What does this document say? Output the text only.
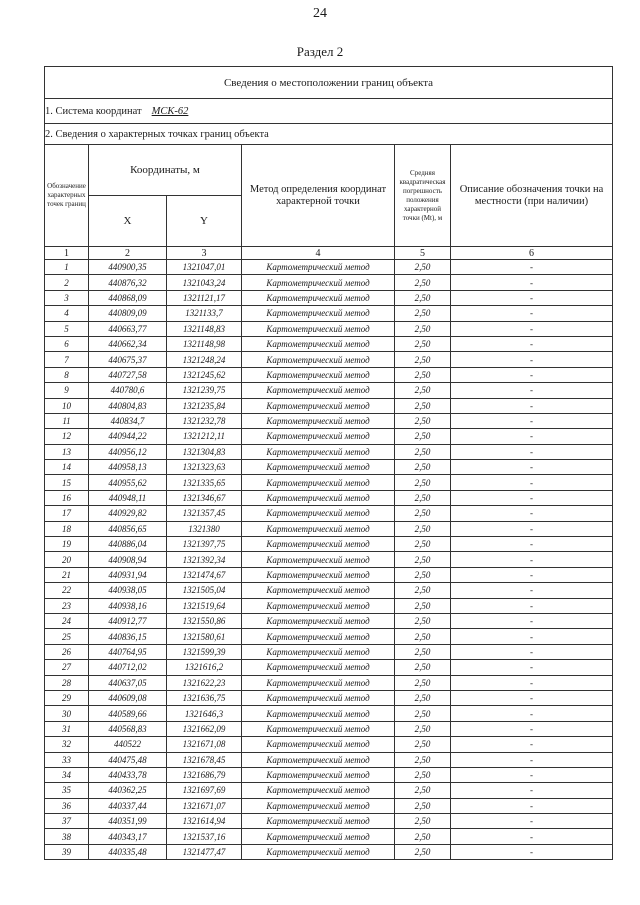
24
Раздел 2
Сведения о местоположении границ объекта					
1. Система координат МСК-62					
2. Сведения о характерных точках границ объекта					
Обозначение характерных точек границ	Координаты, м		Метод определения координат характерной точки	Средняя квадратическая погрешность положения характерной точки (Mt), м	Описание обозначения точки на местности (при наличии)
	X	Y			
1	2	3	4	5	6
1	440900,35	1321047,01	Картометрический метод	2,50	-
2	440876,32	1321043,24	Картометрический метод	2,50	-
3	440868,09	1321121,17	Картометрический метод	2,50	-
4	440809,09	1321133,7	Картометрический метод	2,50	-
5	440663,77	1321148,83	Картометрический метод	2,50	-
6	440662,34	1321148,98	Картометрический метод	2,50	-
7	440675,37	1321248,24	Картометрический метод	2,50	-
8	440727,58	1321245,62	Картометрический метод	2,50	-
9	440780,6	1321239,75	Картометрический метод	2,50	-
10	440804,83	1321235,84	Картометрический метод	2,50	-
11	440834,7	1321232,78	Картометрический метод	2,50	-
12	440944,22	1321212,11	Картометрический метод	2,50	-
13	440956,12	1321304,83	Картометрический метод	2,50	-
14	440958,13	1321323,63	Картометрический метод	2,50	-
15	440955,62	1321335,65	Картометрический метод	2,50	-
16	440948,11	1321346,67	Картометрический метод	2,50	-
17	440929,82	1321357,45	Картометрический метод	2,50	-
18	440856,65	1321380	Картометрический метод	2,50	-
19	440886,04	1321397,75	Картометрический метод	2,50	-
20	440908,94	1321392,34	Картометрический метод	2,50	-
21	440931,94	1321474,67	Картометрический метод	2,50	-
22	440938,05	1321505,04	Картометрический метод	2,50	-
23	440938,16	1321519,64	Картометрический метод	2,50	-
24	440912,77	1321550,86	Картометрический метод	2,50	-
25	440836,15	1321580,61	Картометрический метод	2,50	-
26	440764,95	1321599,39	Картометрический метод	2,50	-
27	440712,02	1321616,2	Картометрический метод	2,50	-
28	440637,05	1321622,23	Картометрический метод	2,50	-
29	440609,08	1321636,75	Картометрический метод	2,50	-
30	440589,66	1321646,3	Картометрический метод	2,50	-
31	440568,83	1321662,09	Картометрический метод	2,50	-
32	440522	1321671,08	Картометрический метод	2,50	-
33	440475,48	1321678,45	Картометрический метод	2,50	-
34	440433,78	1321686,79	Картометрический метод	2,50	-
35	440362,25	1321697,69	Картометрический метод	2,50	-
36	440337,44	1321671,07	Картометрический метод	2,50	-
37	440351,99	1321614,94	Картометрический метод	2,50	-
38	440343,17	1321537,16	Картометрический метод	2,50	-
39	440335,48	1321477,47	Картометрический метод	2,50	-
